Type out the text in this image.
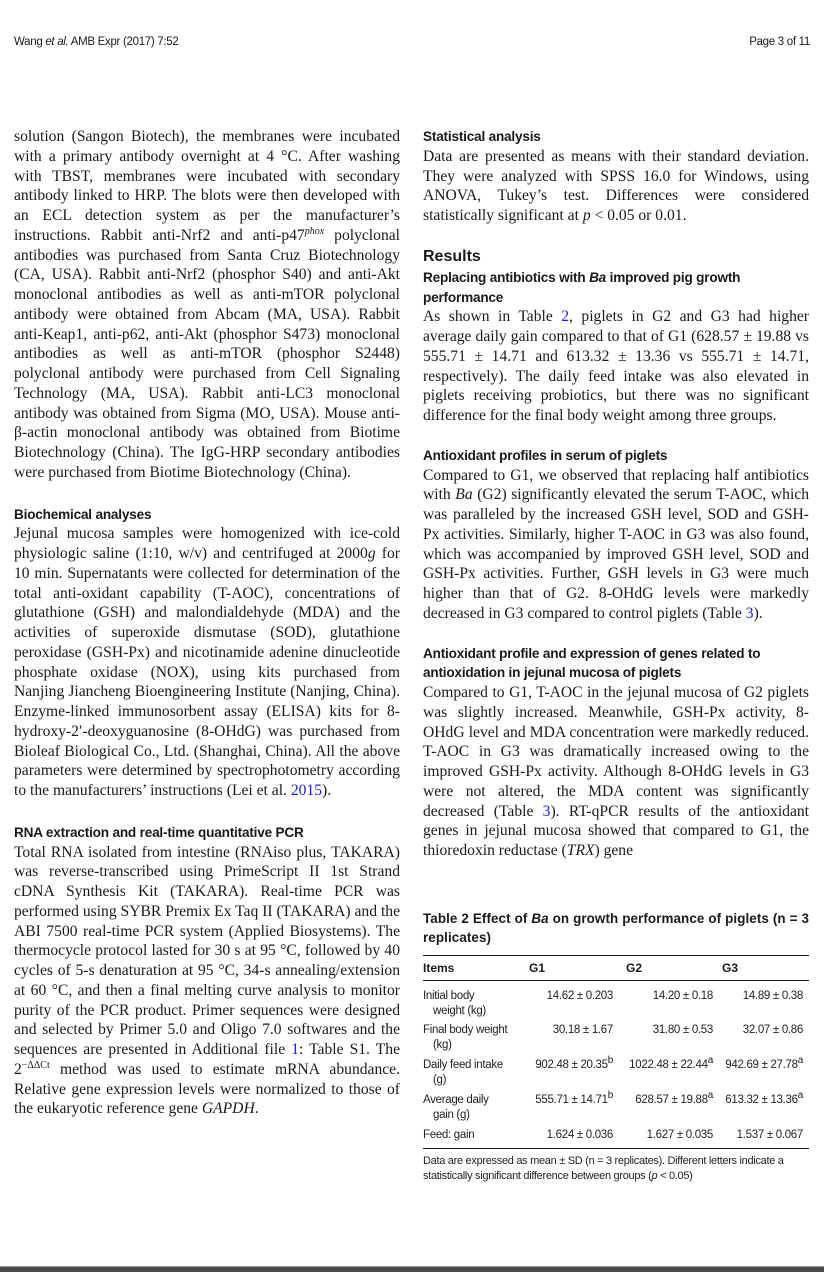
Wang et al. AMB Expr (2017) 7:52	Page 3 of 11

solution (Sangon Biotech), the membranes were incubated with a primary antibody overnight at 4 °C. After washing with TBST, membranes were incubated with secondary antibody linked to HRP. The blots were then developed with an ECL detection system as per the manufacturer’s instructions. Rabbit anti-Nrf2 and anti-$p47^{phox}$ polyclonal antibodies was purchased from Santa Cruz Biotechnology (CA, USA). Rabbit anti-Nrf2 (phosphor S40) and anti-Akt monoclonal antibodies as well as anti-mTOR polyclonal antibody were obtained from Abcam (MA, USA). Rabbit anti-Keap1, anti-p62, anti-Akt (phosphor S473) monoclonal antibodies as well as anti-mTOR (phosphor S2448) polyclonal antibody were purchased from Cell Signaling Technology (MA, USA). Rabbit anti-LC3 monoclonal antibody was obtained from Sigma (MO, USA). Mouse anti-β-actin monoclonal antibody was obtained from Biotime Biotechnology (China). The IgG-HRP secondary antibodies were purchased from Biotime Biotechnology (China).

Biochemical analyses

Jejunal mucosa samples were homogenized with ice-cold physiologic saline (1:10, w/v) and centrifuged at 2000g for 10 min. Supernatants were collected for determination of the total anti-oxidant capability (T-AOC), concentrations of glutathione (GSH) and malondialdehyde (MDA) and the activities of superoxide dismutase (SOD), glutathione peroxidase (GSH-Px) and nicotinamide adenine dinucleotide phosphate oxidase (NOX), using kits purchased from Nanjing Jiancheng Bioengineering Institute (Nanjing, China). Enzyme-linked immunosorbent assay (ELISA) kits for 8-hydroxy-2′-deoxyguanosine (8-OHdG) was purchased from Bioleaf Biological Co., Ltd. (Shanghai, China). All the above parameters were determined by spectrophotometry according to the manufacturers’ instructions (Lei et al. 2015).

RNA extraction and real-time quantitative PCR

Total RNA isolated from intestine (RNAiso plus, TAKARA) was reverse-transcribed using PrimeScript II 1st Strand cDNA Synthesis Kit (TAKARA). Real-time PCR was performed using SYBR Premix Ex Taq II (TAKARA) and the ABI 7500 real-time PCR system (Applied Biosystems). The thermocycle protocol lasted for 30 s at 95 °C, followed by 40 cycles of 5-s denaturation at 95 °C, 34-s annealing/extension at 60 °C, and then a final melting curve analysis to monitor purity of the PCR product. Primer sequences were designed and selected by Primer 5.0 and Oligo 7.0 softwares and the sequences are presented in Additional file 1: Table S1. The $2^{-\Delta\Delta Ct}$ method was used to estimate mRNA abundance. Relative gene expression levels were normalized to those of the eukaryotic reference gene GAPDH.

Statistical analysis

Data are presented as means with their standard deviation. They were analyzed with SPSS 16.0 for Windows, using ANOVA, Tukey’s test. Differences were considered statistically significant at p < 0.05 or 0.01.

Results
Replacing antibiotics with Ba improved pig growth performance

As shown in Table 2, piglets in G2 and G3 had higher average daily gain compared to that of G1 (628.57 ± 19.88 vs 555.71 ± 14.71 and 613.32 ± 13.36 vs 555.71 ± 14.71, respectively). The daily feed intake was also elevated in piglets receiving probiotics, but there was no significant difference for the final body weight among three groups.

Antioxidant profiles in serum of piglets

Compared to G1, we observed that replacing half antibiotics with Ba (G2) significantly elevated the serum T-AOC, which was paralleled by the increased GSH level, SOD and GSH-Px activities. Similarly, higher T-AOC in G3 was also found, which was accompanied by improved GSH level, SOD and GSH-Px activities. Further, GSH levels in G3 were much higher than that of G2. 8-OHdG levels were markedly decreased in G3 compared to control piglets (Table 3).

Antioxidant profile and expression of genes related to antioxidation in jejunal mucosa of piglets

Compared to G1, T-AOC in the jejunal mucosa of G2 piglets was slightly increased. Meanwhile, GSH-Px activity, 8-OHdG level and MDA concentration were markedly reduced. T-AOC in G3 was dramatically increased owing to the improved GSH-Px activity. Although 8-OHdG levels in G3 were not altered, the MDA content was significantly decreased (Table 3). RT-qPCR results of the antioxidant genes in jejunal mucosa showed that compared to G1, the thioredoxin reductase (TRX) gene

Table 2 Effect of Ba on growth performance of piglets (n = 3 replicates)
Items	G1	G2	G3
Initial body
weight (kg)
14.62 ± 0.203	14.20 ± 0.18	14.89 ± 0.38
Final body weight
(kg)
30.18 ± 1.67	31.80 ± 0.53	32.07 ± 0.86
Daily feed intake
(g)
902.48 ± 20.35$^b$	1022.48 ± 22.44$^a$	942.69 ± 27.78$^a$
Average daily
gain (g)
555.71 ± 14.71$^b$	628.57 ± 19.88$^a$	613.32 ± 13.36$^a$
Feed: gain	1.624 ± 0.036	1.627 ± 0.035	1.537 ± 0.067
Data are expressed as mean ± SD (n = 3 replicates). Different letters indicate a statistically significant difference between groups (p < 0.05)
